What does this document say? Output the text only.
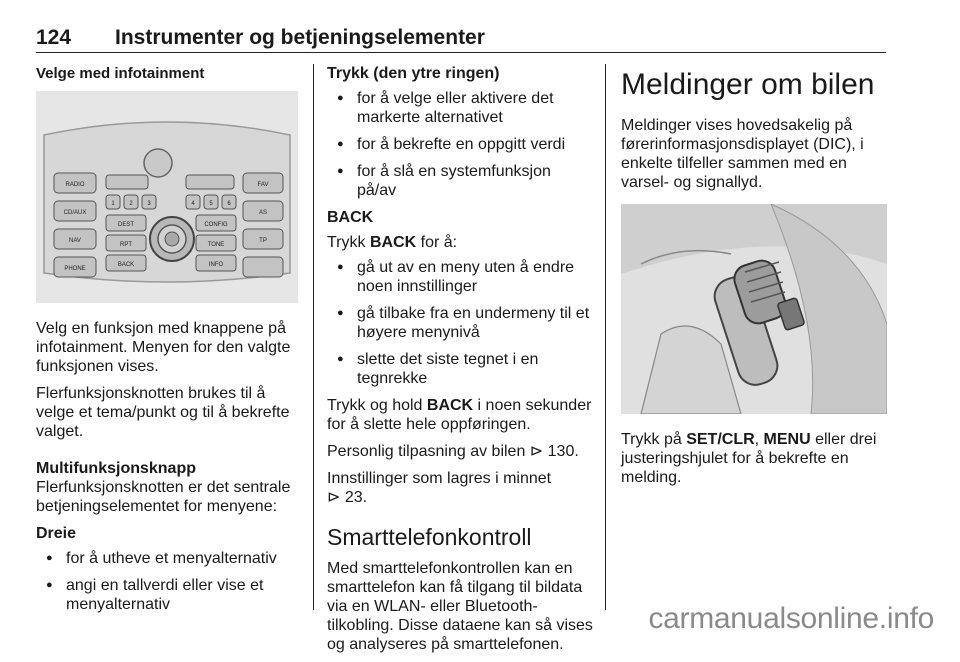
124 Instrumenter og betjeningselementer
Velge med infotainment
RADIO
CD/AUX
NAV
PHONE
FAV
AS
TP
1 2 3	4 5 6
DEST	CONFIG
RPT	TONE
BACK	INFO

Velg en funksjon med knappene på infotainment. Menyen for den valgte funksjonen vises.

Flerfunksjonsknotten brukes til å velge et tema/punkt og til å bekrefte valget.

Multifunksjonsknapp

Flerfunksjonsknotten er det sentrale betjeningselementet for menyene:

Dreie
● for å utheve et menyalternativ
● angi en tallverdi eller vise et menyalternativ
Trykk (den ytre ringen)
● for å velge eller aktivere det markerte alternativet
● for å bekrefte en oppgitt verdi
● for å slå en systemfunksjon på/av
BACK

Trykk BACK for å:

● gå ut av en meny uten å endre noen innstillinger
● gå tilbake fra en undermeny til et høyere menynivå
● slette det siste tegnet i en tegnrekke

Trykk og hold BACK i noen sekunder for å slette hele oppføringen.

Personlig tilpasning av bilen ⊳ 130.

Innstillinger som lagres i minnet
⊳ 23.

Smarttelefonkontroll

Med smarttelefonkontrollen kan en smarttelefon kan få tilgang til bildata via en WLAN- eller Bluetooth-tilkobling. Disse dataene kan så vises og analyseres på smarttelefonen.

Meldinger om bilen

Meldinger vises hovedsakelig på førerinformasjonsdisplayet (DIC), i enkelte tilfeller sammen med en varsel- og signallyd.

Trykk på SET/CLR, MENU eller drei justeringshjulet for å bekrefte en melding.

carmanualsonline.info
